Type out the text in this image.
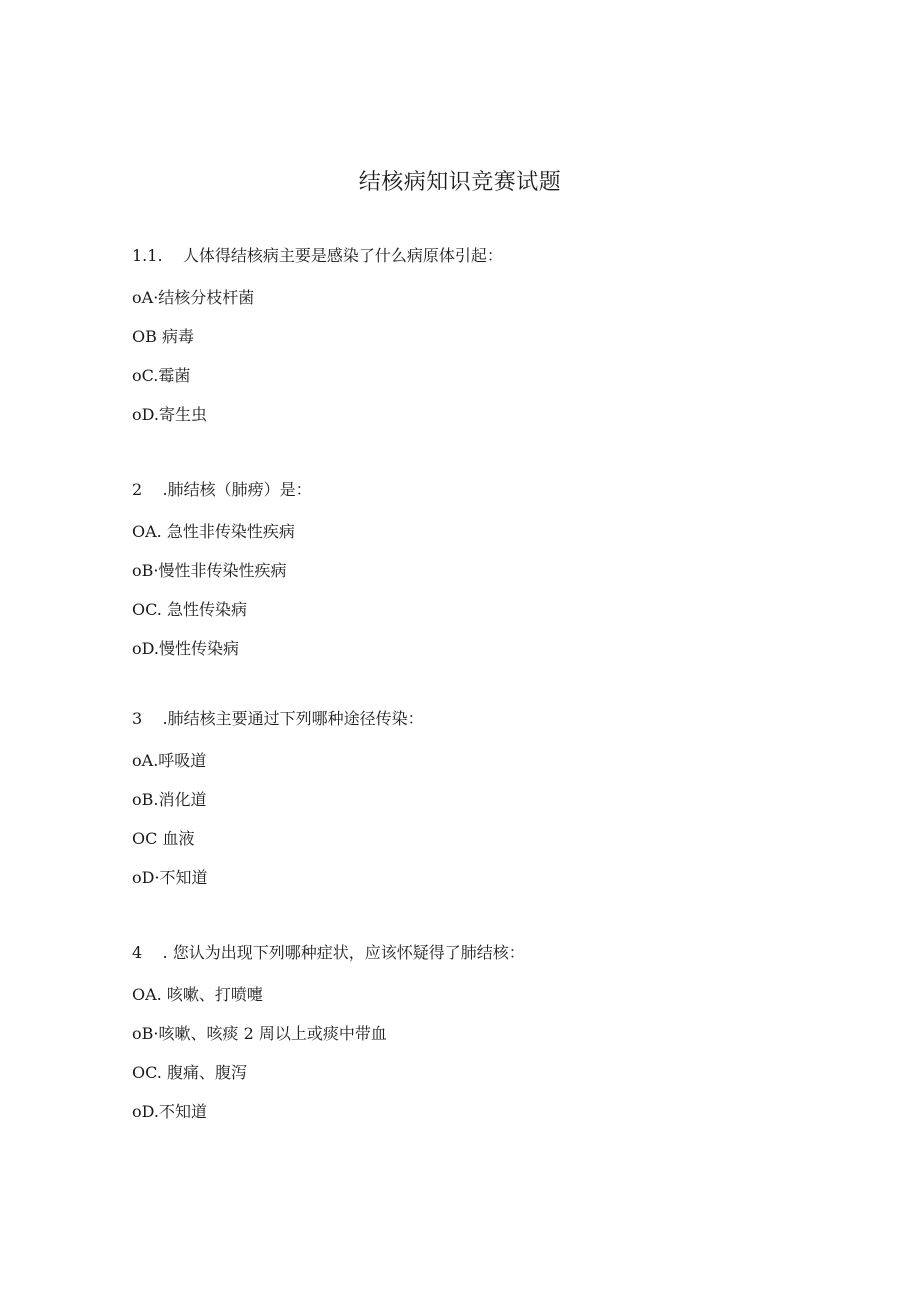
结核病知识竞赛试题
1.1.    人体得结核病主要是感染了什么病原体引起：
oA·结核分枝杆菌
OB 病毒
oC.霉菌
oD.寄生虫
2    .肺结核（肺痨）是：
OA. 急性非传染性疾病
oB·慢性非传染性疾病
OC. 急性传染病
oD.慢性传染病
3    .肺结核主要通过下列哪种途径传染：
oA.呼吸道
oB.消化道
OC 血液
oD·不知道
4    . 您认为出现下列哪种症状，应该怀疑得了肺结核：
OA. 咳嗽、打喷嚏
oB·咳嗽、咳痰 2 周以上或痰中带血
OC. 腹痛、腹泻
oD.不知道
